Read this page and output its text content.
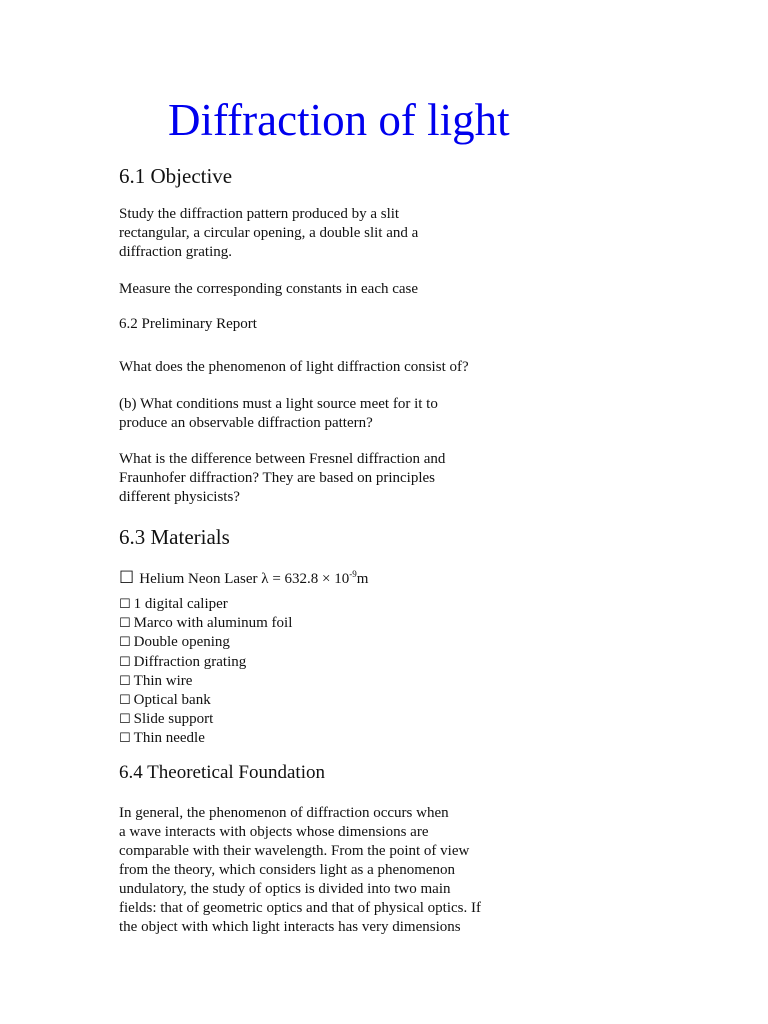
Diffraction of light
6.1 Objective
Study the diffraction pattern produced by a slit
rectangular, a circular opening, a double slit and a
diffraction grating.
Measure the corresponding constants in each case
6.2 Preliminary Report
What does the phenomenon of light diffraction consist of?
(b) What conditions must a light source meet for it to
produce an observable diffraction pattern?
What is the difference between Fresnel diffraction and
Fraunhofer diffraction? They are based on principles
different physicists?
6.3 Materials
☐ Helium Neon Laser $\lambda = 632.8 \times 10^{-9}m$
☐ 1 digital caliper
☐ Marco with aluminum foil
☐ Double opening
☐ Diffraction grating
☐ Thin wire
☐ Optical bank
☐ Slide support
☐ Thin needle
6.4 Theoretical Foundation
In general, the phenomenon of diffraction occurs when
a wave interacts with objects whose dimensions are
comparable with their wavelength. From the point of view
from the theory, which considers light as a phenomenon
undulatory, the study of optics is divided into two main
fields: that of geometric optics and that of physical optics. If
the object with which light interacts has very dimensions
